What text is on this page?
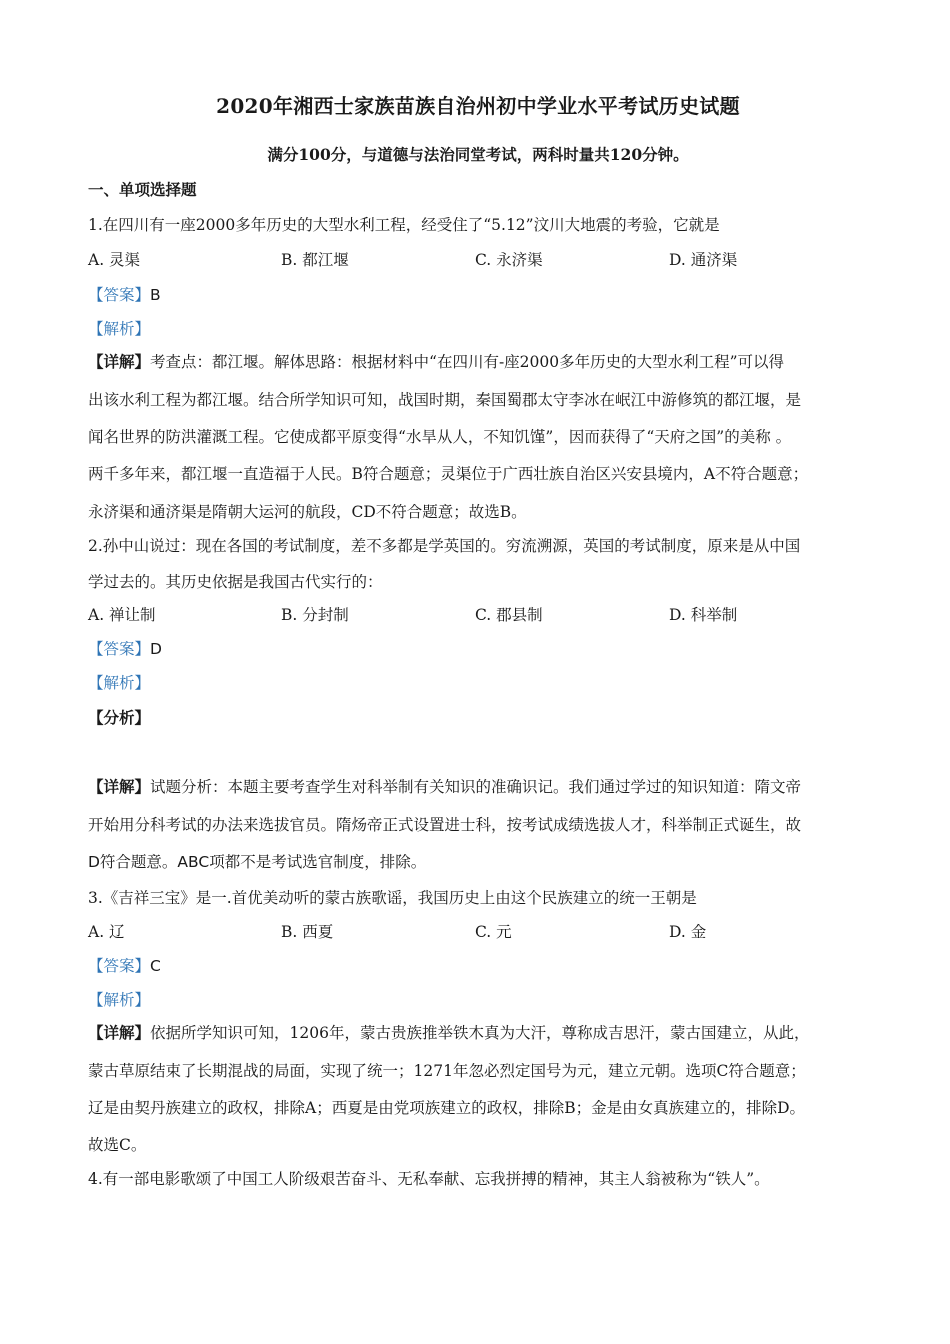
2020年湘西士家族苗族自治州初中学业水平考试历史试题
满分100分，与道德与法治同堂考试，两科时量共120分钟。
一、单项选择题
1.在四川有一座2000多年历史的大型水利工程，经受住了“5.12”汶川大地震的考验，它就是
A. 灵渠	B. 都江堰	C. 永济渠	D. 通济渠
【答案】B
【解析】
【详解】考查点：都江堰。解体思路：根据材料中“在四川有-座2000多年历史的大型水利工程”可以得
出该水利工程为都江堰。结合所学知识可知，战国时期，秦国蜀郡太守李冰在岷江中游修筑的都江堰，是
闻名世界的防洪灌溉工程。它使成都平原变得“水旱从人，不知饥馑”，因而获得了“天府之国”的美称 。
两千多年来，都江堰一直造福于人民。B符合题意；灵渠位于广西壮族自治区兴安县境内，A不符合题意；
永济渠和通济渠是隋朝大运河的航段，CD不符合题意；故选B。
2.孙中山说过：现在各国的考试制度，差不多都是学英国的。穷流溯源，英国的考试制度，原来是从中国
学过去的。其历史依据是我国古代实行的：
A. 禅让制	B. 分封制	C. 郡县制	D. 科举制
【答案】D
【解析】
【分析】
【详解】试题分析：本题主要考查学生对科举制有关知识的准确识记。我们通过学过的知识知道：隋文帝
开始用分科考试的办法来选拔官员。隋炀帝正式设置进士科，按考试成绩选拔人才，科举制正式诞生，故
D符合题意。ABC项都不是考试选官制度，排除。
3.《吉祥三宝》是一.首优美动听的蒙古族歌谣，我国历史上由这个民族建立的统一王朝是
A. 辽	B. 西夏	C. 元	D. 金
【答案】C
【解析】
【详解】依据所学知识可知，1206年，蒙古贵族推举铁木真为大汗，尊称成吉思汗，蒙古国建立，从此，
蒙古草原结束了长期混战的局面，实现了统一；1271年忽必烈定国号为元，建立元朝。选项C符合题意；
辽是由契丹族建立的政权，排除A；西夏是由党项族建立的政权，排除B；金是由女真族建立的，排除D。
故选C。
4.有一部电影歌颂了中国工人阶级艰苦奋斗、无私奉献、忘我拼搏的精神，其主人翁被称为“铁人”。
